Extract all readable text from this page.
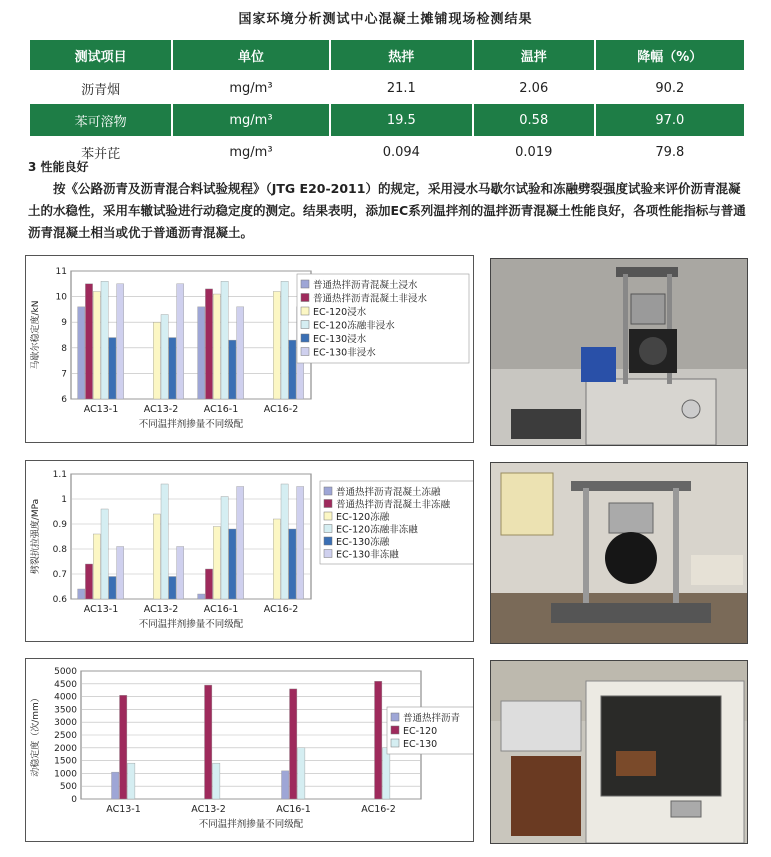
国家环境分析测试中心混凝土摊铺现场检测结果
测试项目	单位	热拌	温拌	降幅（%）
沥青烟	mg/m³	21.1	2.06	90.2
苯可溶物	mg/m³	19.5	0.58	97.0
苯并芘	mg/m³	0.094	0.019	79.8
3 性能良好
按《公路沥青及沥青混合料试验规程》（JTG E20-2011）的规定，采用浸水马歇尔试验和冻融劈裂强度试验来评价沥青混凝土的水稳性，采用车辙试验进行动稳定度的测定。结果表明，添加EC系列温拌剂的温拌沥青混凝土性能良好，各项性能指标与普通沥青混凝土相当或优于普通沥青混凝土。
6
7
8
9
10
11
AC13-1	AC13-2	AC16-1	AC16-2
不同温拌剂掺量不同级配
马歇尔稳定度/kN
普通热拌沥青混凝土浸水
普通热拌沥青混凝土非浸水
EC-120浸水
EC-120冻融非浸水
EC-130浸水
EC-130非浸水
0.6
0.7
0.8
0.9
1
1.1
AC13-1	AC13-2	AC16-1	AC16-2
不同温拌剂掺量不同级配
劈裂抗拉强度/MPa
普通热拌沥青混凝土冻融
普通热拌沥青混凝土非冻融
EC-120冻融
EC-120冻融非冻融
EC-130冻融
EC-130非冻融
0
500
1000
1500
2000
2500
3000
3500
4000
4500
5000
AC13-1	AC13-2	AC16-1	AC16-2
不同温拌剂掺量不同级配
动稳定度（次/mm）	普通热拌沥青
EC-120
EC-130
